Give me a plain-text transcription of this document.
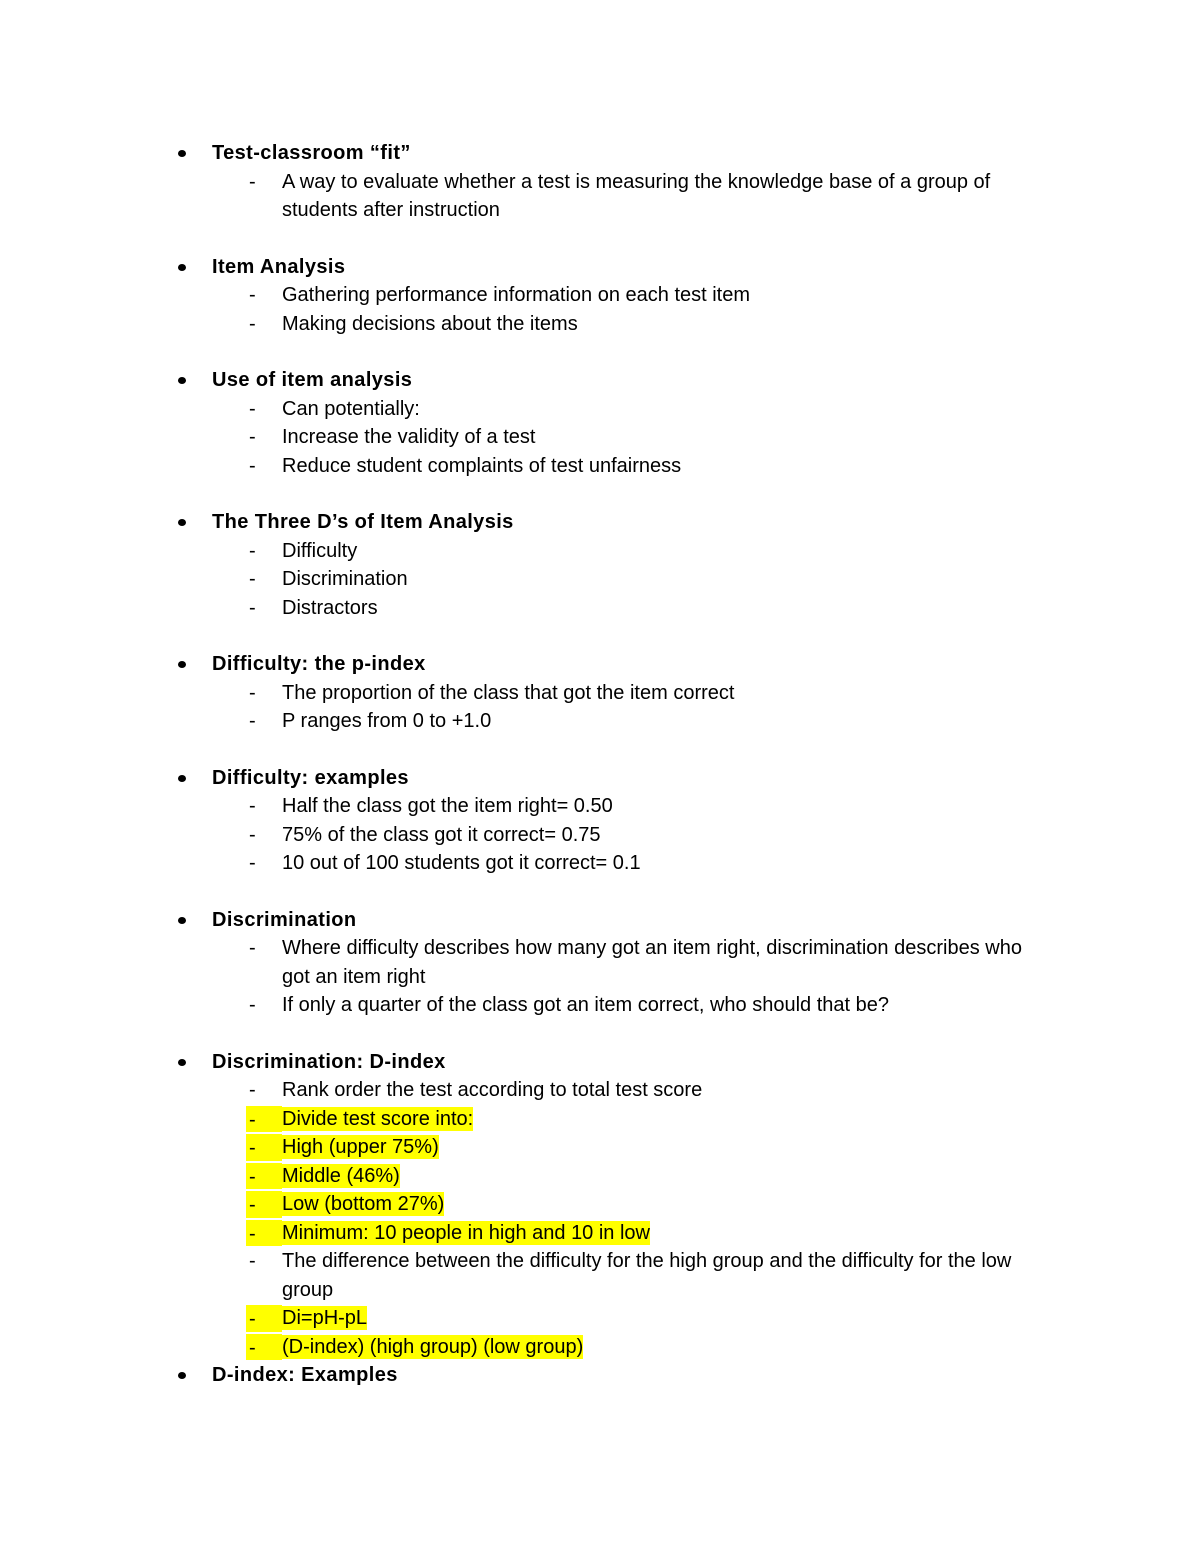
Test-classroom “fit”
- A way to evaluate whether a test is measuring the knowledge base of a group of students after instruction
Item Analysis
- Gathering performance information on each test item
- Making decisions about the items
Use of item analysis
- Can potentially:
- Increase the validity of a test
- Reduce student complaints of test unfairness
The Three D’s of Item Analysis
- Difficulty
- Discrimination
- Distractors
Difficulty: the p-index
- The proportion of the class that got the item correct
- P ranges from 0 to +1.0
Difficulty: examples
- Half the class got the item right= 0.50
- 75% of the class got it correct= 0.75
- 10 out of 100 students got it correct= 0.1
Discrimination
- Where difficulty describes how many got an item right, discrimination describes who got an item right
- If only a quarter of the class got an item correct, who should that be?
Discrimination: D-index
- Rank order the test according to total test score
- Divide test score into:
- High (upper 75%)
- Middle (46%)
- Low (bottom 27%)
- Minimum: 10 people in high and 10 in low
- The difference between the difficulty for the high group and the difficulty for the low group
- Di=pH-pL
- (D-index) (high group) (low group)
D-index: Examples
